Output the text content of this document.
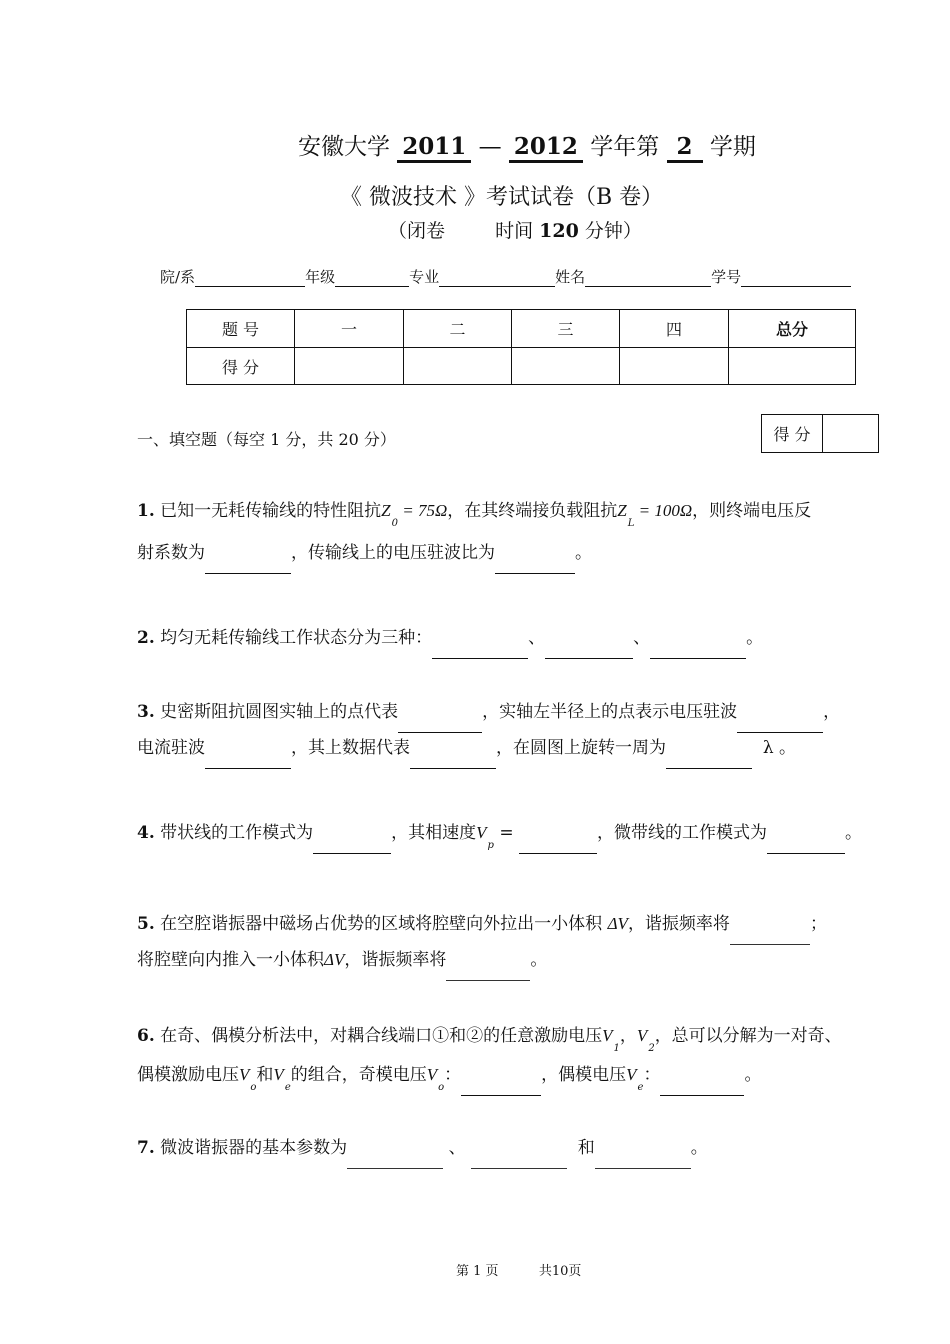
安徽大学 2011 — 2012 学年第 2 学期
《 微波技术 》考试试卷（B 卷）
（闭卷	时间 120 分钟）
院/系	年级	专业	姓名	学号
题 号	一	二	三	四	总分
得 分					
一、填空题（每空 1 分，共 20 分）	得 分	
1. 已知一无耗传输线的特性阻抗$Z_0 = 75\Omega$，在其终端接负载阻抗$Z_L = 100\Omega$，则终端电压反
射系数为	，传输线上的电压驻波比为	。
2. 均匀无耗传输线工作状态分为三种：	、	、	。
3. 史密斯阻抗圆图实轴上的点代表	，实轴左半径上的点表示电压驻波	，
电流驻波	，其上数据代表	，在圆图上旋转一周为	λ 。
4. 带状线的工作模式为	，其相速度$V_p$ =	，微带线的工作模式为	。
5. 在空腔谐振器中磁场占优势的区域将腔壁向外拉出一小体积 ΔV，谐振频率将	；
将腔壁向内推入一小体积ΔV，谐振频率将	。
6. 在奇、偶模分析法中，对耦合线端口①和②的任意激励电压$V_1$，$V_2$，总可以分解为一对奇、
偶模激励电压$V_o$和$V_e$的组合，奇模电压$V_o$：	，偶模电压$V_e$：	。
7. 微波谐振器的基本参数为	、	和	。
第 1 页	共10页
